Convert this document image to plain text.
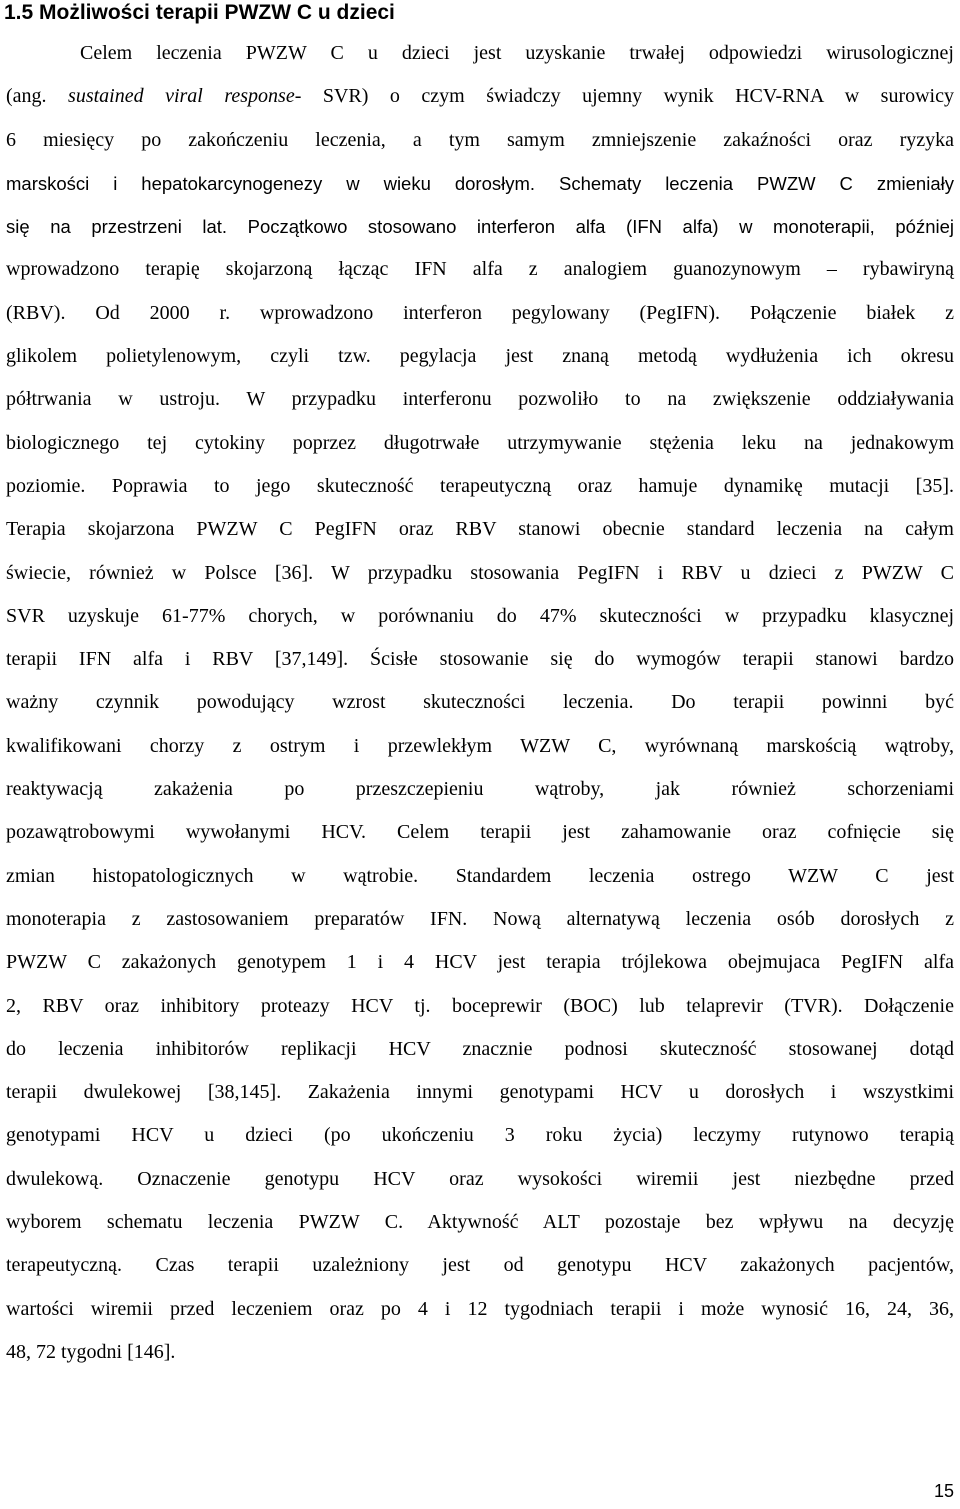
1.5 Możliwości terapii PWZW C u dzieci
Celem leczenia PWZW C u dzieci jest uzyskanie trwałej odpowiedzi wirusologicznej
(ang. sustained viral response- SVR) o czym świadczy ujemny wynik HCV-RNA w surowicy
6 miesięcy po zakończeniu leczenia, a tym samym zmniejszenie zakaźności oraz ryzyka
marskości i hepatokarcynogenezy w wieku dorosłym. Schematy leczenia PWZW C zmieniały
się na przestrzeni lat. Początkowo stosowano interferon alfa (IFN alfa) w monoterapii, później
wprowadzono terapię skojarzoną łącząc IFN alfa z analogiem guanozynowym – rybawiryną
(RBV). Od 2000 r. wprowadzono interferon pegylowany (PegIFN). Połączenie białek z
glikolem polietylenowym, czyli tzw. pegylacja jest znaną metodą wydłużenia ich okresu
półtrwania w ustroju. W przypadku interferonu pozwoliło to na zwiększenie oddziaływania
biologicznego tej cytokiny poprzez długotrwałe utrzymywanie stężenia leku na jednakowym
poziomie. Poprawia to jego skuteczność terapeutyczną oraz hamuje dynamikę mutacji [35].
Terapia skojarzona PWZW C PegIFN oraz RBV stanowi obecnie standard leczenia na całym
świecie, również w Polsce [36]. W przypadku stosowania PegIFN i RBV u dzieci z PWZW C
SVR uzyskuje 61-77% chorych, w porównaniu do 47% skuteczności w przypadku klasycznej
terapii IFN alfa i RBV [37,149]. Ścisłe stosowanie się do wymogów terapii stanowi bardzo
ważny czynnik powodujący wzrost skuteczności leczenia. Do terapii powinni być
kwalifikowani chorzy z ostrym i przewlekłym WZW C, wyrównaną marskością wątroby,
reaktywacją zakażenia po przeszczepieniu wątroby, jak również schorzeniami
pozawątrobowymi wywołanymi HCV. Celem terapii jest zahamowanie oraz cofnięcie się
zmian histopatologicznych w wątrobie. Standardem leczenia ostrego WZW C jest
monoterapia z zastosowaniem preparatów IFN. Nową alternatywą leczenia osób dorosłych z
PWZW C zakażonych genotypem 1 i 4 HCV jest terapia trójlekowa obejmujaca PegIFN alfa
2, RBV oraz inhibitory proteazy HCV tj. boceprewir (BOC) lub telaprevir (TVR). Dołączenie
do leczenia inhibitorów replikacji HCV znacznie podnosi skuteczność stosowanej dotąd
terapii dwulekowej [38,145]. Zakażenia innymi genotypami HCV u dorosłych i wszystkimi
genotypami HCV u dzieci (po ukończeniu 3 roku życia) leczymy rutynowo terapią
dwulekową. Oznaczenie genotypu HCV oraz wysokości wiremii jest niezbędne przed
wyborem schematu leczenia PWZW C. Aktywność ALT pozostaje bez wpływu na decyzję
terapeutyczną. Czas terapii uzależniony jest od genotypu HCV zakażonych pacjentów,
wartości wiremii przed leczeniem oraz po 4 i 12 tygodniach terapii i może wynosić 16, 24, 36,
48, 72 tygodni [146].
15
